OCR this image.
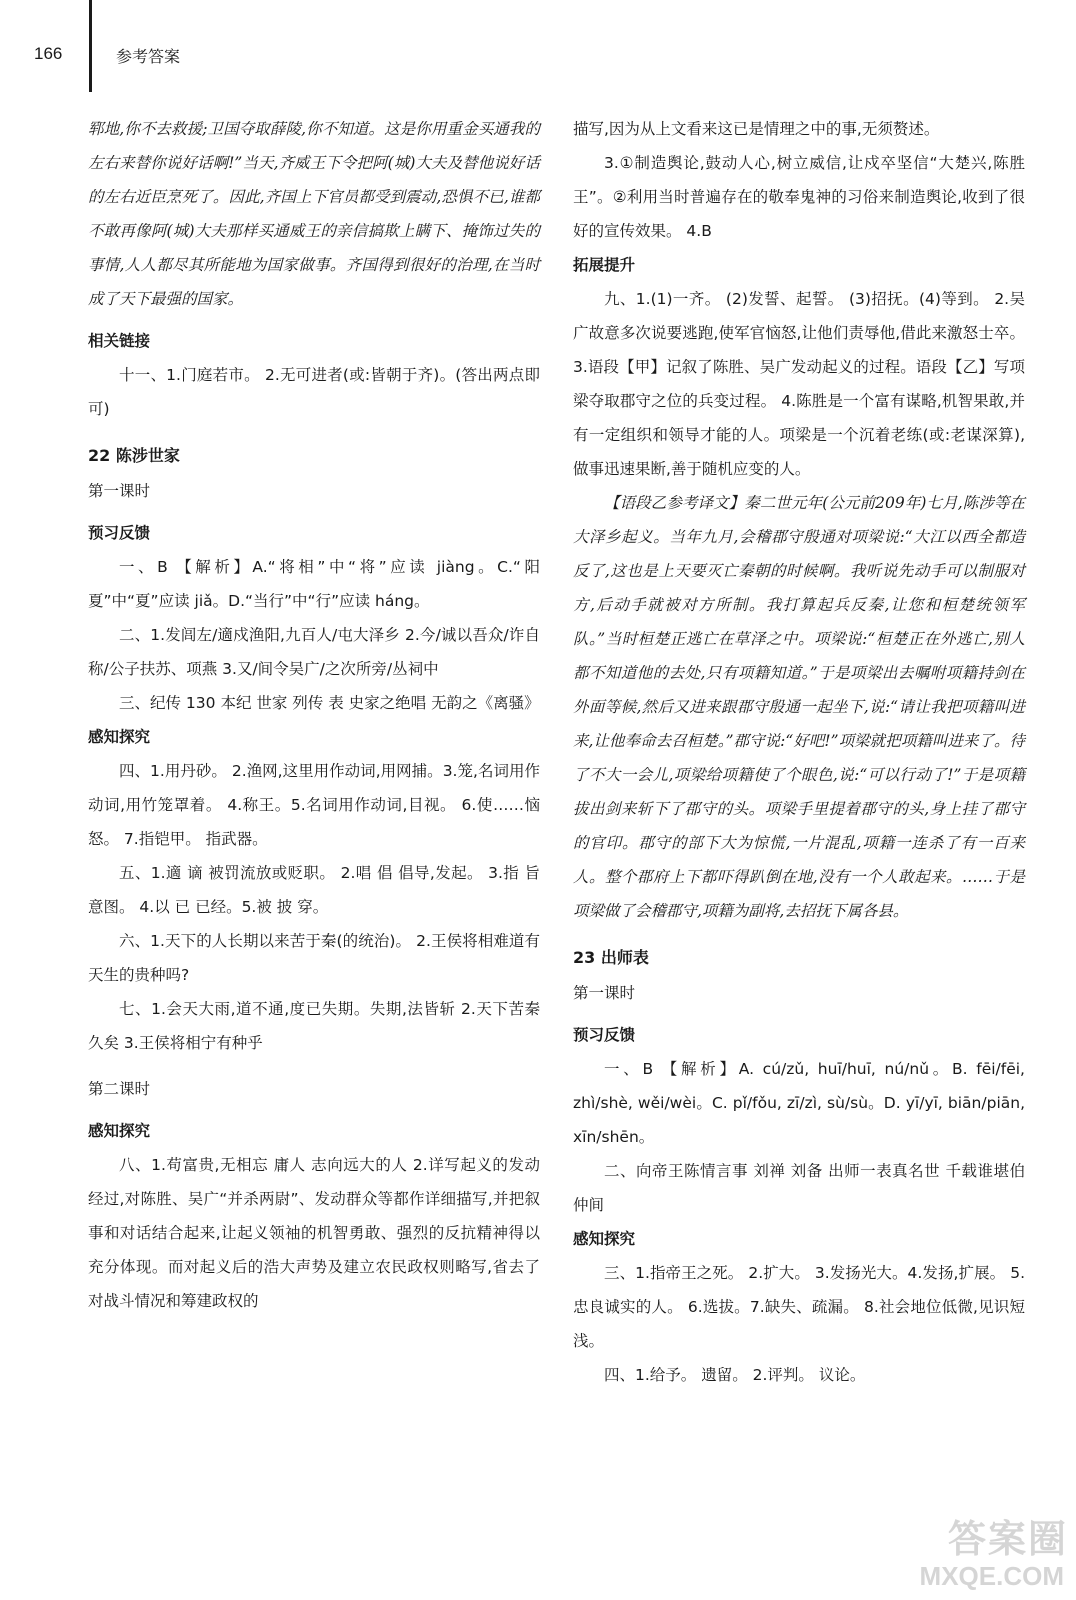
166	参考答案

郓地,你不去救援;卫国夺取薛陵,你不知道。这是你用重金买通我的左右来替你说好话啊!”当天,齐威王下令把阿(城)大夫及替他说好话的左右近臣烹死了。因此,齐国上下官员都受到震动,恐惧不已,谁都不敢再像阿(城)大夫那样买通威王的亲信搞欺上瞒下、掩饰过失的事情,人人都尽其所能地为国家做事。齐国得到很好的治理,在当时成了天下最强的国家。

相关链接

十一、1.门庭若市。 2.无可进者(或:皆朝于齐)。(答出两点即可)

22 陈涉世家

第一课时

预习反馈

一、B 【解析】A.“将相”中“将”应读 jiàng。C.“阳夏”中“夏”应读 jiǎ。D.“当行”中“行”应读 háng。

二、1.发闾左/適戍渔阳,九百人/屯大泽乡 2.今/诚以吾众/诈自称/公子扶苏、项燕 3.又/间令吴广/之次所旁/丛祠中

三、纪传 130 本纪 世家 列传 表 史家之绝唱 无韵之《离骚》

感知探究

四、1.用丹砂。 2.渔网,这里用作动词,用网捕。3.笼,名词用作动词,用竹笼罩着。 4.称王。5.名词用作动词,目视。 6.使……恼怒。 7.指铠甲。 指武器。

五、1.適 谪 被罚流放或贬职。 2.唱 倡 倡导,发起。 3.指 旨 意图。 4.以 已 已经。5.被 披 穿。

六、1.天下的人长期以来苦于秦(的统治)。 2.王侯将相难道有天生的贵种吗?

七、1.会天大雨,道不通,度已失期。失期,法皆斩 2.天下苦秦久矣 3.王侯将相宁有种乎

第二课时

感知探究

八、1.苟富贵,无相忘 庸人 志向远大的人 2.详写起义的发动经过,对陈胜、吴广“并杀两尉”、发动群众等都作详细描写,并把叙事和对话结合起来,让起义领袖的机智勇敢、强烈的反抗精神得以充分体现。而对起义后的浩大声势及建立农民政权则略写,省去了对战斗情况和筹建政权的

描写,因为从上文看来这已是情理之中的事,无须赘述。

3.①制造舆论,鼓动人心,树立威信,让戍卒坚信“大楚兴,陈胜王”。②利用当时普遍存在的敬奉鬼神的习俗来制造舆论,收到了很好的宣传效果。 4.B

拓展提升

九、1.(1)一齐。 (2)发誓、起誓。 (3)招抚。(4)等到。 2.吴广故意多次说要逃跑,使军官恼怒,让他们责辱他,借此来激怒士卒。 3.语段【甲】记叙了陈胜、吴广发动起义的过程。语段【乙】写项梁夺取郡守之位的兵变过程。 4.陈胜是一个富有谋略,机智果敢,并有一定组织和领导才能的人。项梁是一个沉着老练(或:老谋深算),做事迅速果断,善于随机应变的人。

【语段乙参考译文】秦二世元年(公元前209年)七月,陈涉等在大泽乡起义。当年九月,会稽郡守殷通对项梁说:“大江以西全都造反了,这也是上天要灭亡秦朝的时候啊。我听说先动手可以制服对方,后动手就被对方所制。我打算起兵反秦,让您和桓楚统领军队。”当时桓楚正逃亡在草泽之中。项梁说:“桓楚正在外逃亡,别人都不知道他的去处,只有项籍知道。”于是项梁出去嘱咐项籍持剑在外面等候,然后又进来跟郡守殷通一起坐下,说:“请让我把项籍叫进来,让他奉命去召桓楚。”郡守说:“好吧!”项梁就把项籍叫进来了。待了不大一会儿,项梁给项籍使了个眼色,说:“可以行动了!”于是项籍拔出剑来斩下了郡守的头。项梁手里提着郡守的头,身上挂了郡守的官印。郡守的部下大为惊慌,一片混乱,项籍一连杀了有一百来人。整个郡府上下都吓得趴倒在地,没有一个人敢起来。……于是项梁做了会稽郡守,项籍为副将,去招抚下属各县。

23 出师表

第一课时

预习反馈

一、B 【解析】A. cú/zǔ, huī/huī, nú/nǔ。B. fēi/fēi, zhì/shè, wěi/wèi。C. pǐ/fǒu, zī/zì, sù/sù。D. yī/yī, biān/piān, xīn/shēn。

二、向帝王陈情言事 刘禅 刘备 出师一表真名世 千载谁堪伯仲间

感知探究

三、1.指帝王之死。 2.扩大。 3.发扬光大。4.发扬,扩展。 5.忠良诚实的人。 6.选拔。7.缺失、疏漏。 8.社会地位低微,见识短浅。

四、1.给予。 遗留。 2.评判。 议论。

答案圈
MXQE.COM
